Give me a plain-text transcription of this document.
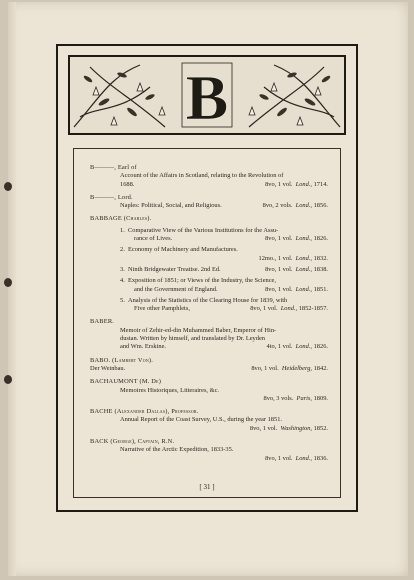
B
B———, Earl of
Account of the Affairs in Scotland, relating to the Revolution of
1688.	8vo, 1 vol. Lond., 1714.
B———, Lord.
Naples: Political, Social, and Religious.	8vo, 2 vols. Lond., 1856.
BABBAGE (Charles).
1. Comparative View of the Various Institutions for the Assu-
rance of Lives.	8vo, 1 vol. Lond., 1826.
2. Economy of Machinery and Manufactures.
12mo., 1 vol. Lond., 1832.
3. Ninth Bridgewater Treatise. 2nd Ed.	8vo, 1 vol. Lond., 1838.
4. Exposition of 1851; or Views of the Industry, the Science,
and the Government of England.	8vo, 1 vol. Lond., 1851.
5. Analysis of the Statistics of the Clearing House for 1839, with
Five other Pamphlets,	8vo, 1 vol. Lond., 1852-1857.
BABER.
Memoir of Zehir-ed-din Muhammed Baber, Emperor of Hin-
dustan. Written by himself, and translated by Dr. Leyden
and Wm. Erskine.	4to, 1 vol. Lond., 1826.
BABO. (Lambert Von).
Der Weinbau.	8vo, 1 vol. Heidelberg, 1842.
BACHAUMONT (M. De)
Memoires Historiques, Litteraires, &c.
8vo, 3 vols. Paris, 1809.
BACHE (Alexander Dallas), Professor.
Annual Report of the Coast Survey, U.S., during the year 1851.
8vo, 1 vol. Washington, 1852.
BACK (George), Captain, R.N.
Narrative of the Arctic Expedition, 1833-35.
8vo, 1 vol. Lond., 1836.
[ 31 ]
